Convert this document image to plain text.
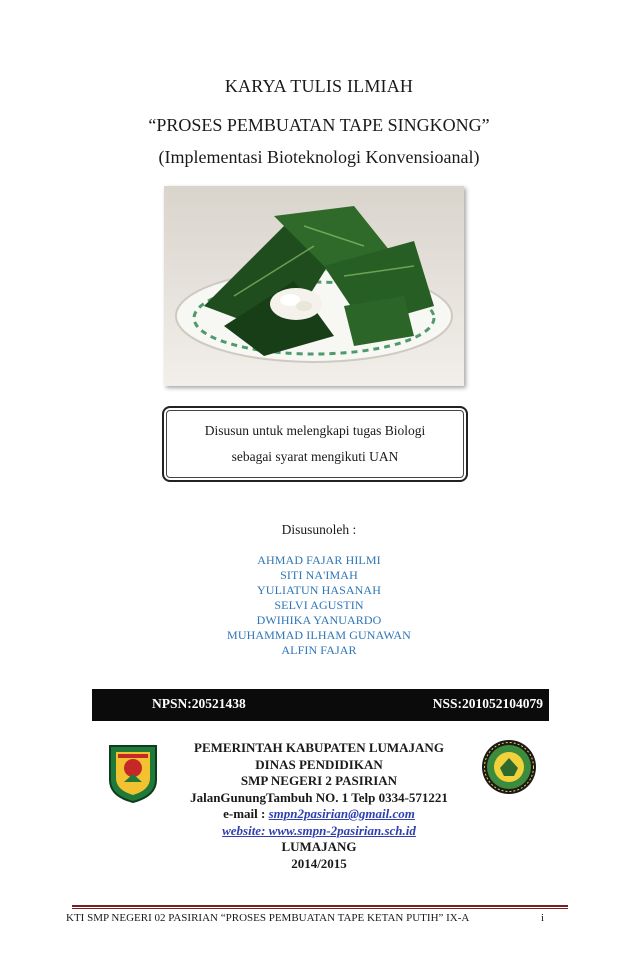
KARYA TULIS ILMIAH
“PROSES PEMBUATAN TAPE SINGKONG”
(Implementasi Bioteknologi Konvensioanal)
Disusun untuk melengkapi tugas Biologi
sebagai syarat mengikuti UAN
Disusunoleh :
AHMAD FAJAR HILMI
SITI NA'IMAH
YULIATUN HASANAH
SELVI AGUSTIN
DWIHIKA YANUARDO
MUHAMMAD ILHAM GUNAWAN
ALFIN FAJAR
NPSN:20521438	NSS:201052104079
PEMERINTAH KABUPATEN LUMAJANG
DINAS PENDIDIKAN
SMP NEGERI 2 PASIRIAN
JalanGunungTambuh NO. 1 Telp 0334-571221
e-mail : smpn2pasirian@gmail.com
website: www.smpn-2pasirian.sch.id
LUMAJANG
2014/2015
KTI SMP NEGERI 02 PASIRIAN “PROSES PEMBUATAN TAPE KETAN PUTIH” IX-A	i
